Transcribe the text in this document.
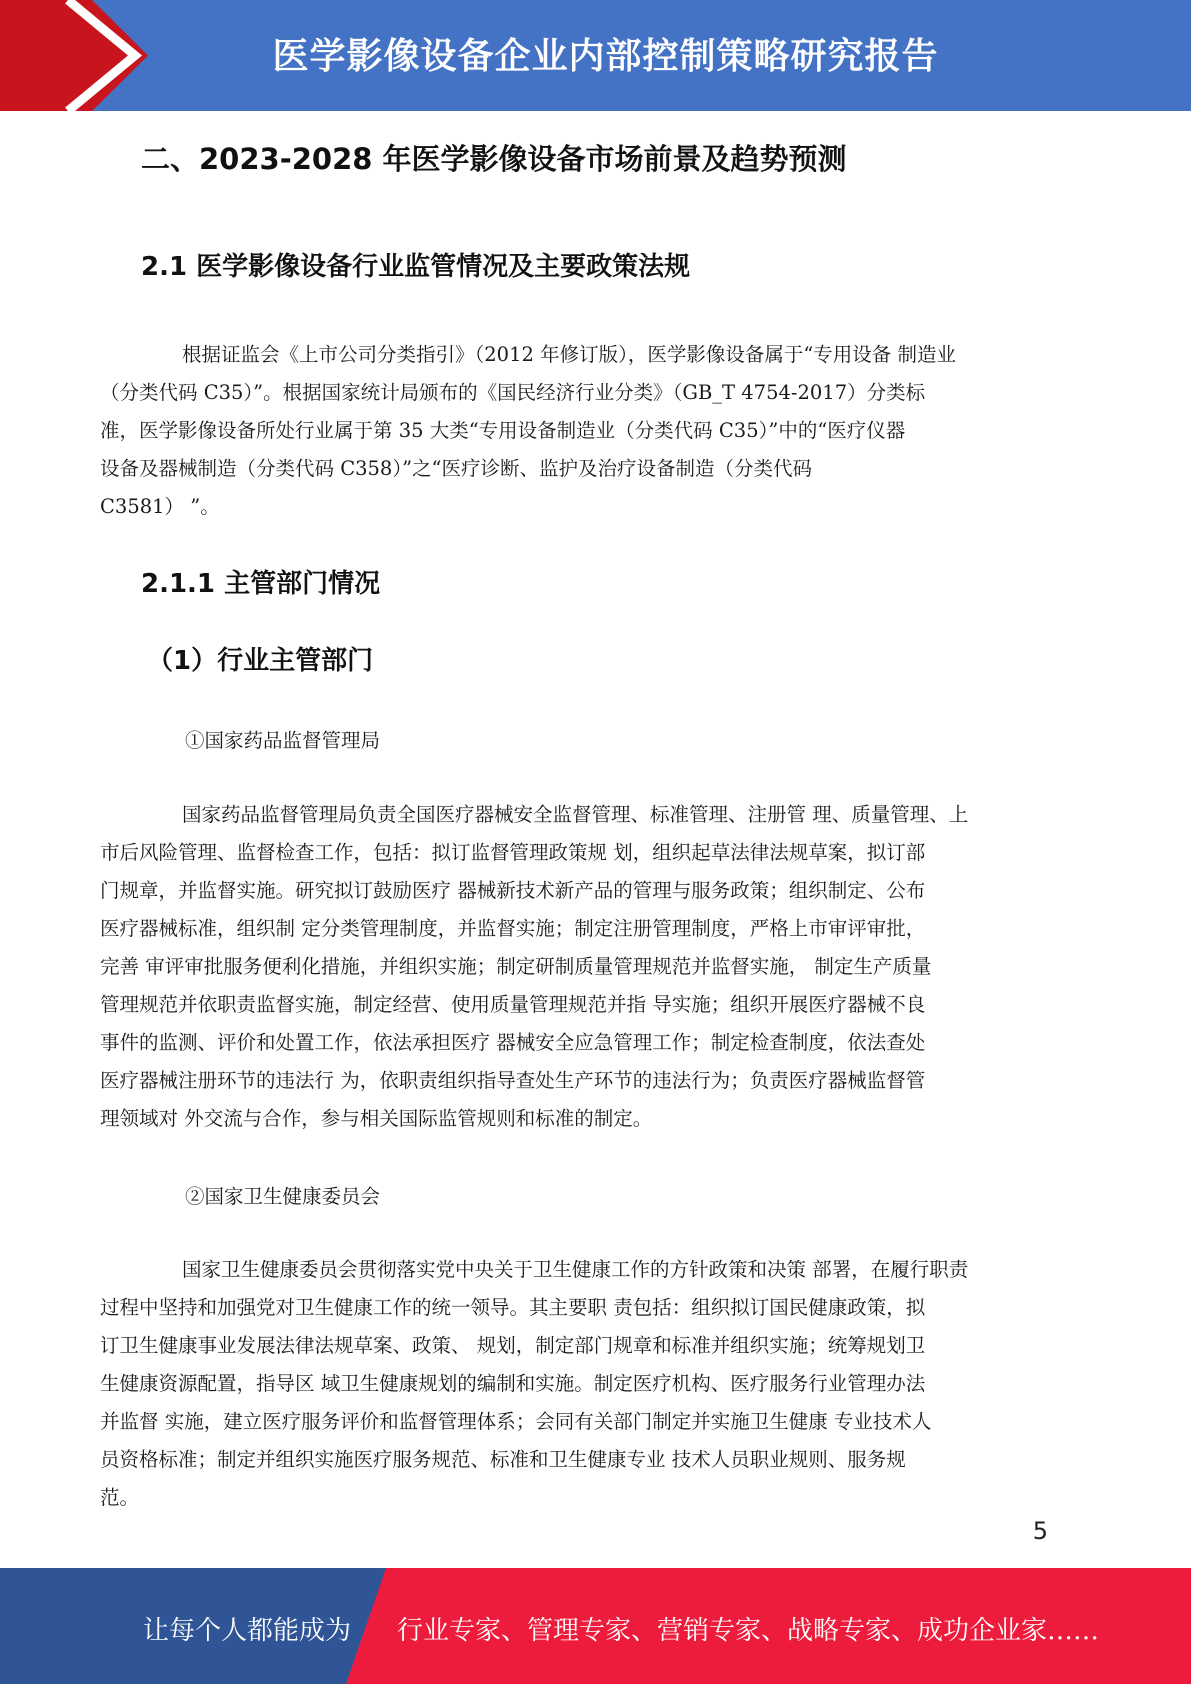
医学影像设备企业内部控制策略研究报告
二、2023-2028 年医学影像设备市场前景及趋势预测
2.1 医学影像设备行业监管情况及主要政策法规

根据证监会《上市公司分类指引》（2012 年修订版），医学影像设备属于“专用设备 制造业
（分类代码 C35）”。根据国家统计局颁布的《国民经济行业分类》（GB_T 4754-2017）分类标
准，医学影像设备所处行业属于第 35 大类“专用设备制造业（分类代码 C35）”中的“医疗仪器
设备及器械制造（分类代码 C358）”之“医疗诊断、监护及治疗设备制造（分类代码
C3581） ”。

2.1.1 主管部门情况
（1）行业主管部门
①国家药品监督管理局

国家药品监督管理局负责全国医疗器械安全监督管理、标准管理、注册管 理、质量管理、上
市后风险管理、监督检查工作，包括：拟订监督管理政策规 划，组织起草法律法规草案，拟订部
门规章，并监督实施。研究拟订鼓励医疗 器械新技术新产品的管理与服务政策；组织制定、公布
医疗器械标准，组织制 定分类管理制度，并监督实施；制定注册管理制度，严格上市审评审批，
完善 审评审批服务便利化措施，并组织实施；制定研制质量管理规范并监督实施， 制定生产质量
管理规范并依职责监督实施，制定经营、使用质量管理规范并指 导实施；组织开展医疗器械不良
事件的监测、评价和处置工作，依法承担医疗 器械安全应急管理工作；制定检查制度，依法查处
医疗器械注册环节的违法行 为，依职责组织指导查处生产环节的违法行为；负责医疗器械监督管
理领域对 外交流与合作，参与相关国际监管规则和标准的制定。

②国家卫生健康委员会

国家卫生健康委员会贯彻落实党中央关于卫生健康工作的方针政策和决策 部署，在履行职责
过程中坚持和加强党对卫生健康工作的统一领导。其主要职 责包括：组织拟订国民健康政策，拟
订卫生健康事业发展法律法规草案、政策、 规划，制定部门规章和标准并组织实施；统筹规划卫
生健康资源配置，指导区 域卫生健康规划的编制和实施。制定医疗机构、医疗服务行业管理办法
并监督 实施，建立医疗服务评价和监督管理体系；会同有关部门制定并实施卫生健康 专业技术人
员资格标准；制定并组织实施医疗服务规范、标准和卫生健康专业 技术人员职业规则、服务规
范。

5
让每个人都能成为 行业专家、管理专家、营销专家、战略专家、成功企业家……
